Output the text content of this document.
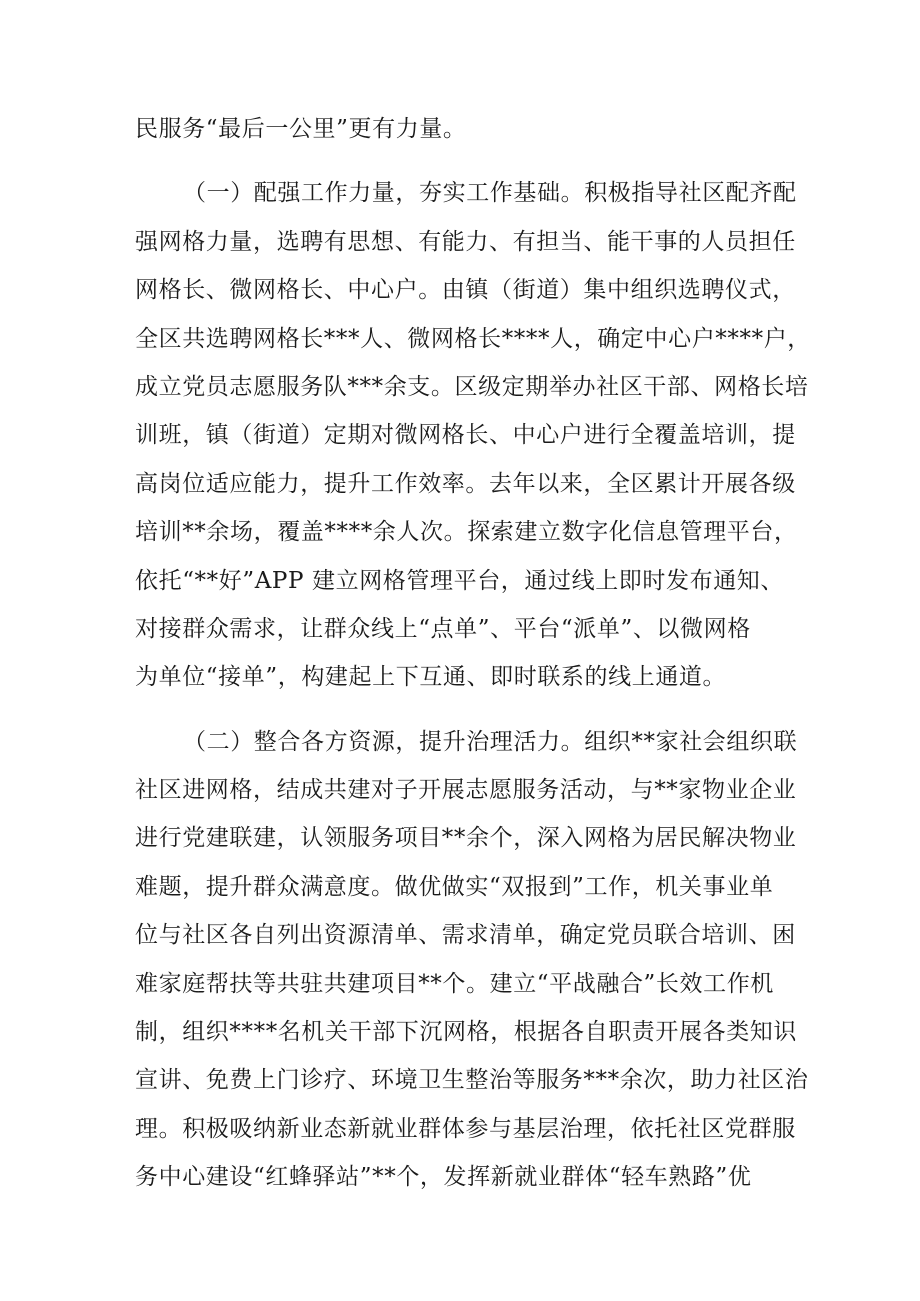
民服务“最后一公里”更有力量。

（一）配强工作力量，夯实工作基础。积极指导社区配齐配
强网格力量，选聘有思想、有能力、有担当、能干事的人员担任
网格长、微网格长、中心户。由镇（街道）集中组织选聘仪式，
全区共选聘网格长***人、微网格长****人，确定中心户****户，
成立党员志愿服务队***余支。区级定期举办社区干部、网格长培
训班，镇（街道）定期对微网格长、中心户进行全覆盖培训，提
高岗位适应能力，提升工作效率。去年以来，全区累计开展各级
培训**余场，覆盖****余人次。探索建立数字化信息管理平台，
依托“**好”APP 建立网格管理平台，通过线上即时发布通知、
对接群众需求，让群众线上“点单”、平台“派单”、以微网格
为单位“接单”，构建起上下互通、即时联系的线上通道。

（二）整合各方资源，提升治理活力。组织**家社会组织联
社区进网格，结成共建对子开展志愿服务活动，与**家物业企业
进行党建联建，认领服务项目**余个，深入网格为居民解决物业
难题，提升群众满意度。做优做实“双报到”工作，机关事业单
位与社区各自列出资源清单、需求清单，确定党员联合培训、困
难家庭帮扶等共驻共建项目**个。建立“平战融合”长效工作机
制，组织****名机关干部下沉网格，根据各自职责开展各类知识
宣讲、免费上门诊疗、环境卫生整治等服务***余次，助力社区治
理。积极吸纳新业态新就业群体参与基层治理，依托社区党群服
务中心建设“红蜂驿站”**个，发挥新就业群体“轻车熟路”优
